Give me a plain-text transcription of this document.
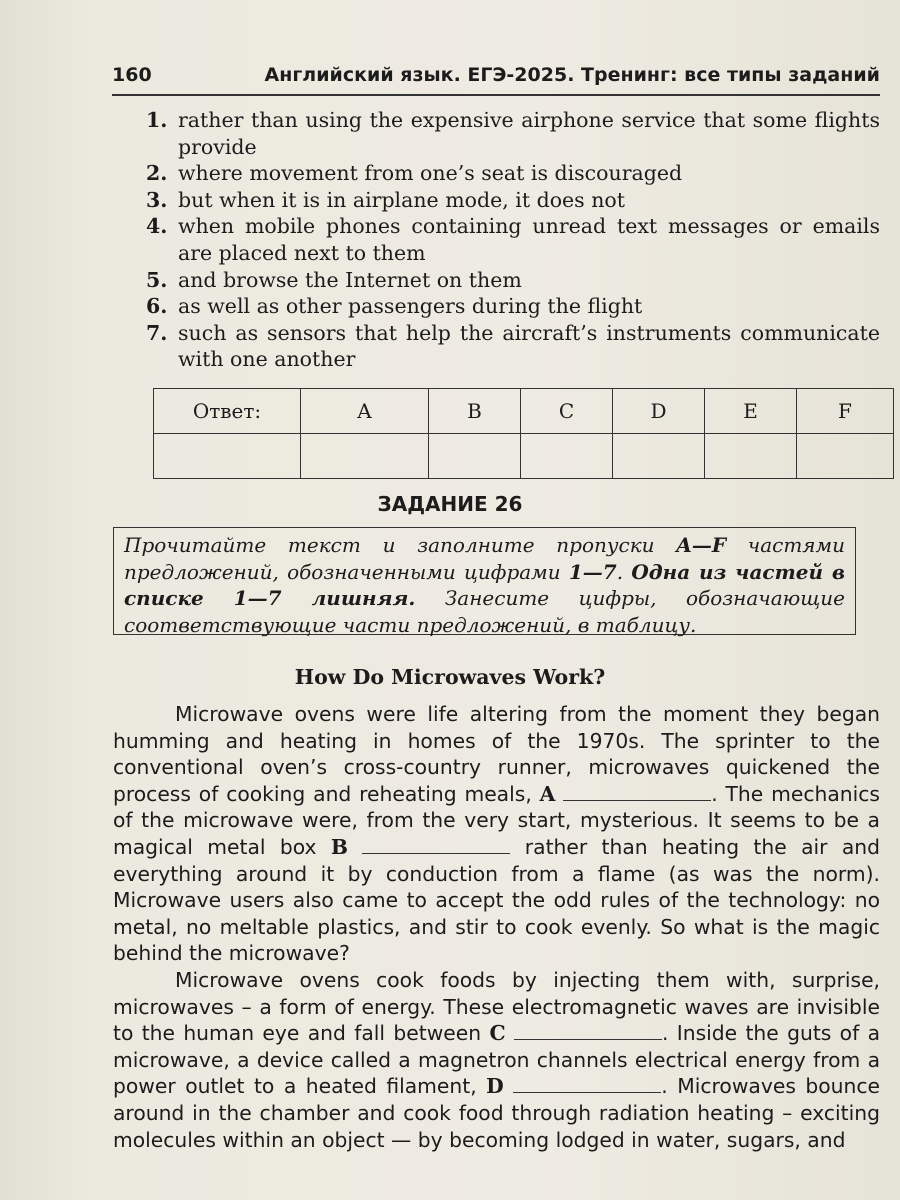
160	Английский язык. ЕГЭ-2025. Тренинг: все типы заданий
1. rather than using the expensive airphone service that some flights provide
2. where movement from one’s seat is discouraged
3. but when it is in airplane mode, it does not
4. when mobile phones containing unread text messages or emails are placed next to them
5. and browse the Internet on them
6. as well as other passengers during the flight
7. such as sensors that help the aircraft’s instruments communicate with one another
Ответ:	A	B	C	D	E	F

ЗАДАНИЕ 26
Прочитайте текст и заполните пропуски A—F частями предложений, обозначенными цифрами 1—7. Одна из частей в списке 1—7 лишняя. Занесите цифры, обозначающие соответствующие части предложений, в таблицу.
How Do Microwaves Work?

Microwave ovens were life altering from the moment they began humming and heating in homes of the 1970s. The sprinter to the conventional oven’s cross-country runner, microwaves quickened the process of cooking and reheating meals, A	. The mechanics of the microwave were, from the very start, mysterious. It seems to be a magical metal box B	rather than heating the air and everything around it by conduction from a flame (as was the norm). Microwave users also came to accept the odd rules of the technology: no metal, no meltable plastics, and stir to cook evenly. So what is the magic behind the microwave?

Microwave ovens cook foods by injecting them with, surprise, microwaves – a form of energy. These electromagnetic waves are invisible to the human eye and fall between C	. Inside the guts of a microwave, a device called a magnetron channels electrical energy from a power outlet to a heated filament, D	. Microwaves bounce around in the chamber and cook food through radiation heating – exciting molecules within an object — by becoming lodged in water, sugars, and
